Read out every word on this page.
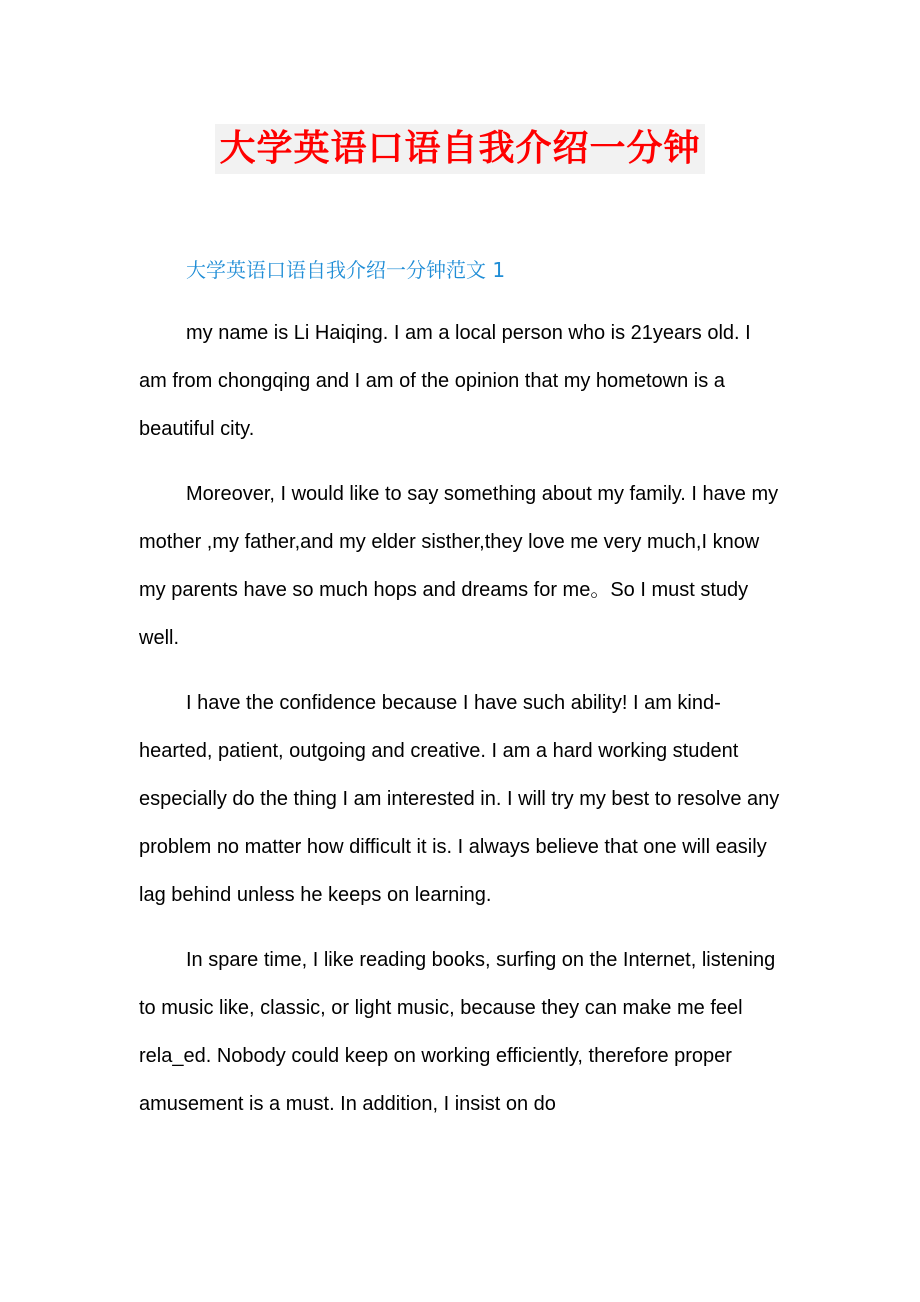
大学英语口语自我介绍一分钟
大学英语口语自我介绍一分钟范文 1

my name is Li Haiqing. I am a local person who is 21years old. I am from chongqing and I am of the opinion that my hometown is a beautiful city.

Moreover, I would like to say something about my family. I have my mother ,my father,and my elder sisther,they love me very much,I know my parents have so much hops and dreams for me。So I must study well.

I have the confidence because I have such ability! I am kind-hearted, patient, outgoing and creative. I am a hard working student especially do the thing I am interested in. I will try my best to resolve any problem no matter how difficult it is. I always believe that one will easily lag behind unless he keeps on learning.

In spare time, I like reading books, surfing on the Internet, listening to music like, classic, or light music, because they can make me feel rela_ed. Nobody could keep on working efficiently, therefore proper amusement is a must. In addition, I insist on do
